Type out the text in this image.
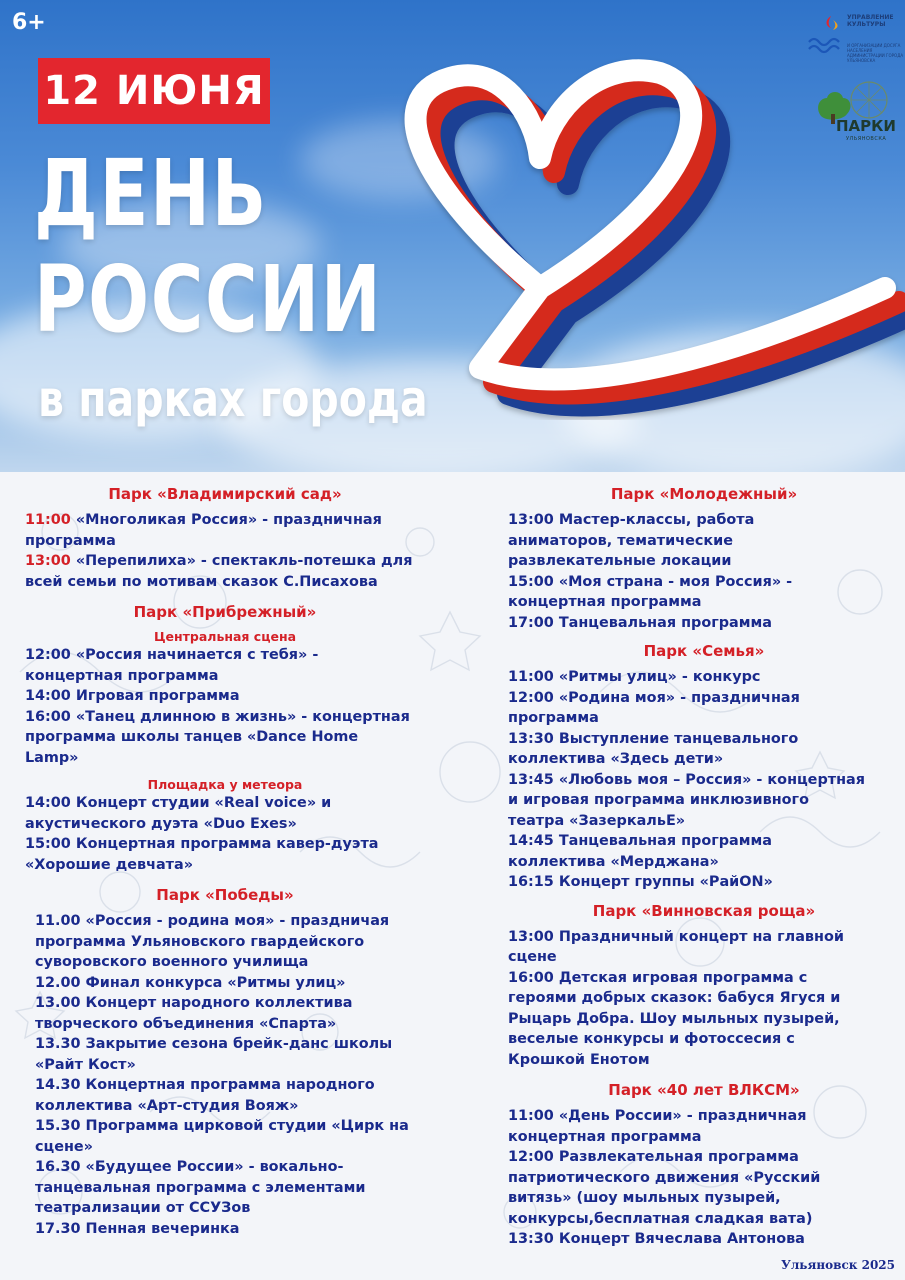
6+
12 ИЮНЯ
ДЕНЬ
РОССИИ
в парках города
УПРАВЛЕНИЕ
КУЛЬТУРЫ
И ОРГАНИЗАЦИИ ДОСУГА НАСЕЛЕНИЯ АДМИНИСТРАЦИИ ГОРОДА УЛЬЯНОВСКА
ПАРКИ
УЛЬЯНОВСКА
Парк «Владимирский сад»
11:00 «Многоликая Россия» - праздничная
программа
13:00 «Перепилиха» - спектакль-потешка для
всей семьи по мотивам сказок С.Писахова
Парк «Прибрежный»
Центральная сцена
12:00 «Россия начинается с тебя» -
концертная программа
14:00 Игровая программа
16:00 «Танец длинною в жизнь» - концертная
программа школы танцев «Dance Home
Lamp»
Площадка у метеора
14:00 Концерт студии «Real voice» и
акустического дуэта «Duo Exes»
15:00 Концертная программа кавер-дуэта
«Хорошие девчата»
Парк «Победы»
11.00 «Россия - родина моя» - праздничая
программа Ульяновского гвардейского
суворовского военного училища
12.00 Финал конкурса «Ритмы улиц»
13.00 Концерт народного коллектива
творческого объединения «Спарта»
13.30 Закрытие сезона брейк-данс школы
«Райт Кост»
14.30 Концертная программа народного
коллектива «Арт-студия Вояж»
15.30 Программа цирковой студии «Цирк на
сцене»
16.30 «Будущее России» - вокально-
танцевальная программа с элементами
театрализации от ССУЗов
17.30 Пенная вечеринка
Парк «Молодежный»
13:00 Мастер-классы, работа
аниматоров, тематические
развлекательные локации
15:00 «Моя страна - моя Россия» -
концертная программа
17:00 Танцевальная программа
Парк «Семья»
11:00 «Ритмы улиц» - конкурс
12:00 «Родина моя» - праздничная
программа
13:30 Выступление танцевального
коллектива «Здесь дети»
13:45 «Любовь моя – Россия» - концертная
и игровая программа инклюзивного
театра «ЗазеркальЕ»
14:45 Танцевальная программа
коллектива «Мерджана»
16:15 Концерт группы «РайON»
Парк «Винновская роща»
13:00 Праздничный концерт на главной
сцене
16:00 Детская игровая программа с
героями добрых сказок: бабуся Ягуся и
Рыцарь Добра. Шоу мыльных пузырей,
веселые конкурсы и фотоссесия с
Крошкой Енотом
Парк «40 лет ВЛКСМ»
11:00 «День России» - праздничная
концертная программа
12:00 Развлекательная программа
патриотического движения «Русский
витязь» (шоу мыльных пузырей,
конкурсы,бесплатная сладкая вата)
13:30 Концерт Вячеслава Антонова
Ульяновск 2025
